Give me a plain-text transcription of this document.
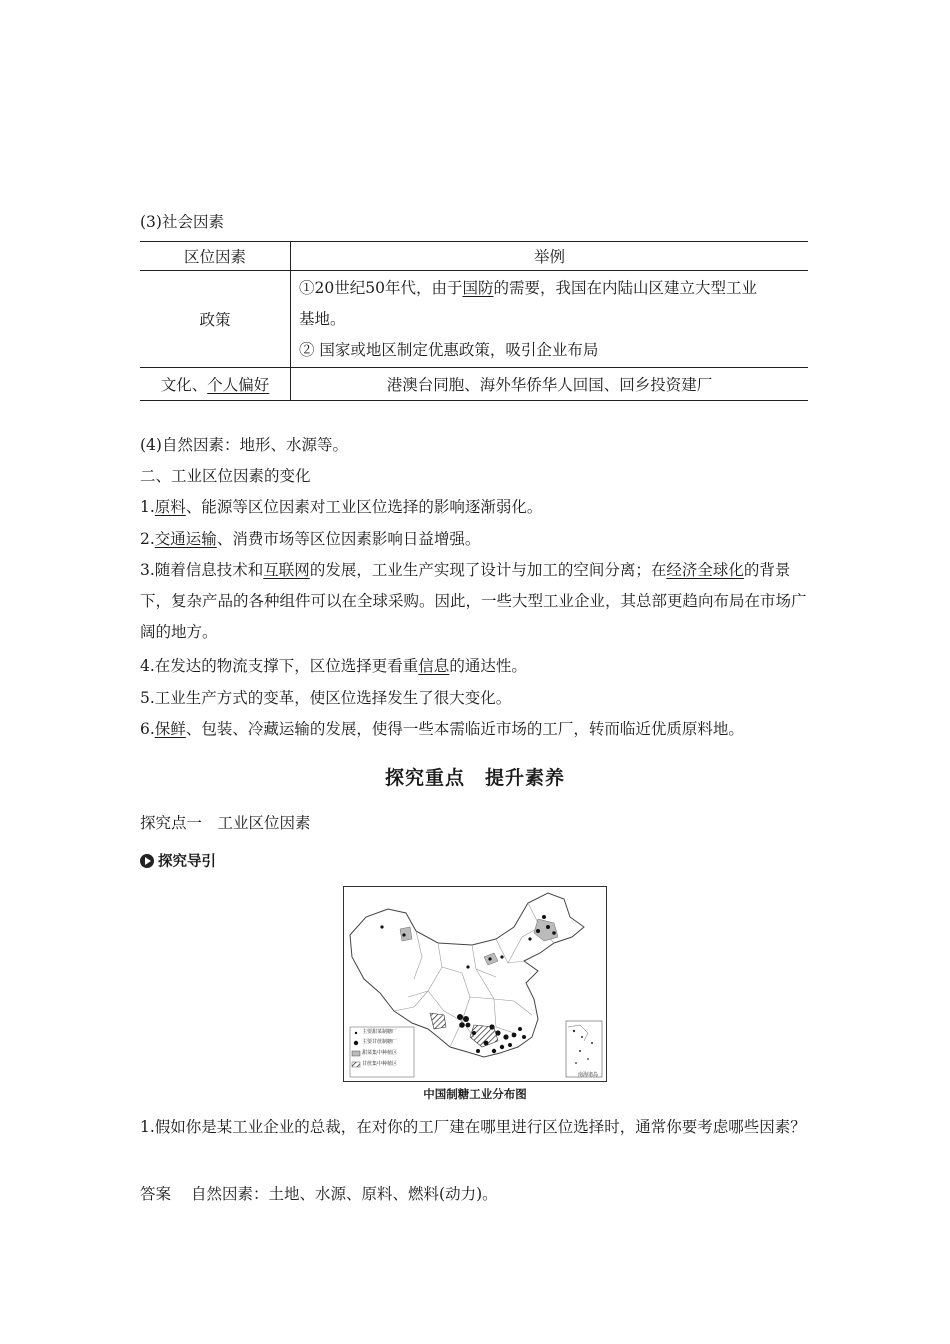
(3)社会因素
区位因素	举例
政策	①20世纪50年代，由于国防的需要，我国在内陆山区建立大型工业
基地。
② 国家或地区制定优惠政策，吸引企业布局

文化、个人偏好	港澳台同胞、海外华侨华人回国、回乡投资建厂
(4)自然因素：地形、水源等。
二、工业区位因素的变化
1.原料、能源等区位因素对工业区位选择的影响逐渐弱化。
2.交通运输、消费市场等区位因素影响日益增强。
3.随着信息技术和互联网的发展，工业生产实现了设计与加工的空间分离；在经济全球化的背景下，复杂产品的各种组件可以在全球采购。因此，一些大型工业企业，其总部更趋向布局在市场广阔的地方。
4.在发达的物流支撑下，区位选择更看重信息的通达性。
5.工业生产方式的变革，使区位选择发生了很大变化。
6.保鲜、包装、冷藏运输的发展，使得一些本需临近市场的工厂，转而临近优质原料地。
探究重点　提升素养
探究点一　工业区位因素
探究导引
主要甜菜制糖厂
主要甘蔗制糖厂
甜菜集中种植区
甘蔗集中种植区
南海诸岛
中国制糖工业分布图
1.假如你是某工业企业的总裁，在对你的工厂建在哪里进行区位选择时，通常你要考虑哪些因素？
答案 自然因素：土地、水源、原料、燃料(动力)。
